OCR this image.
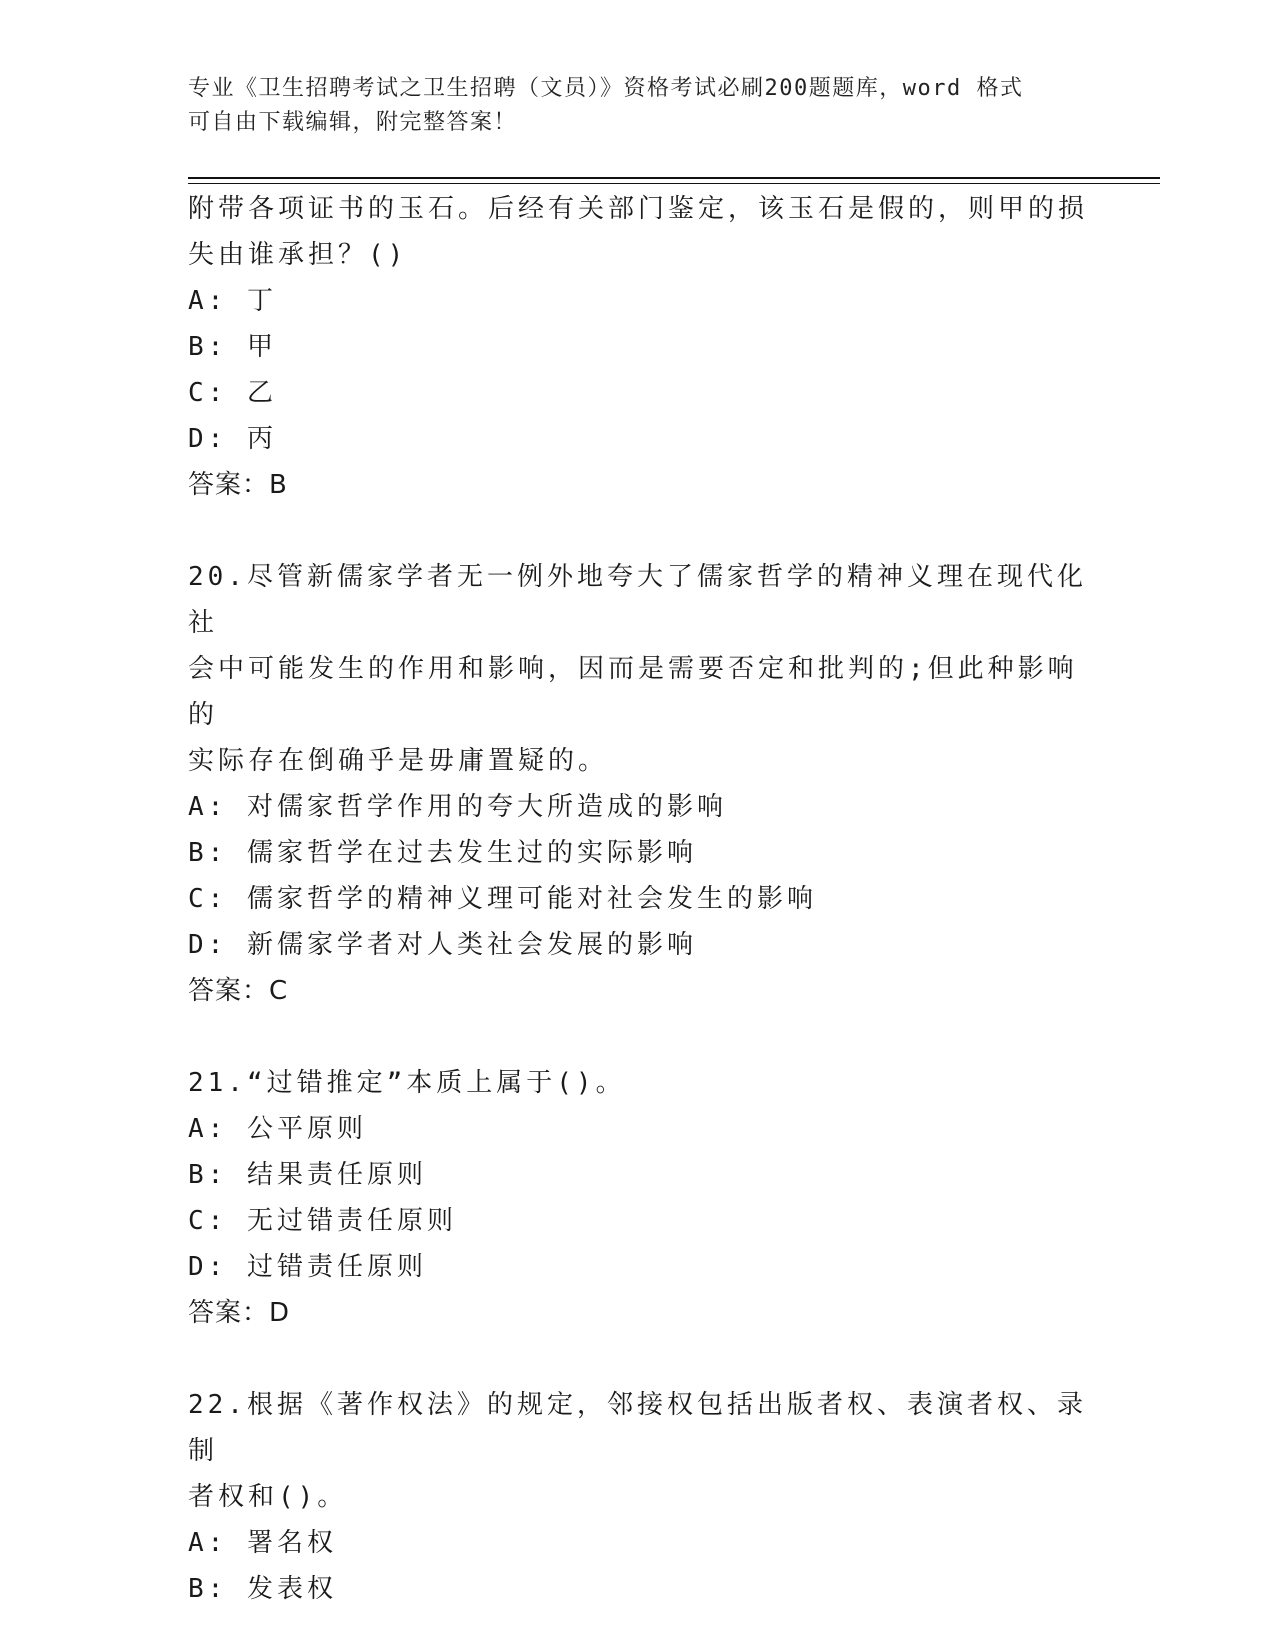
专业《卫生招聘考试之卫生招聘（文员）》资格考试必刷200题题库，word 格式
可自由下载编辑，附完整答案！

附带各项证书的玉石。后经有关部门鉴定，该玉石是假的，则甲的损

失由谁承担？()

A: 丁

B: 甲

C: 乙

D: 丙

答案：B

20.尽管新儒家学者无一例外地夸大了儒家哲学的精神义理在现代化社

会中可能发生的作用和影响，因而是需要否定和批判的;但此种影响的

实际存在倒确乎是毋庸置疑的。

A: 对儒家哲学作用的夸大所造成的影响

B: 儒家哲学在过去发生过的实际影响

C: 儒家哲学的精神义理可能对社会发生的影响

D: 新儒家学者对人类社会发展的影响

答案：C

21.“过错推定”本质上属于()。

A: 公平原则

B: 结果责任原则

C: 无过错责任原则

D: 过错责任原则

答案：D

22.根据《著作权法》的规定，邻接权包括出版者权、表演者权、录制

者权和()。

A: 署名权

B: 发表权
